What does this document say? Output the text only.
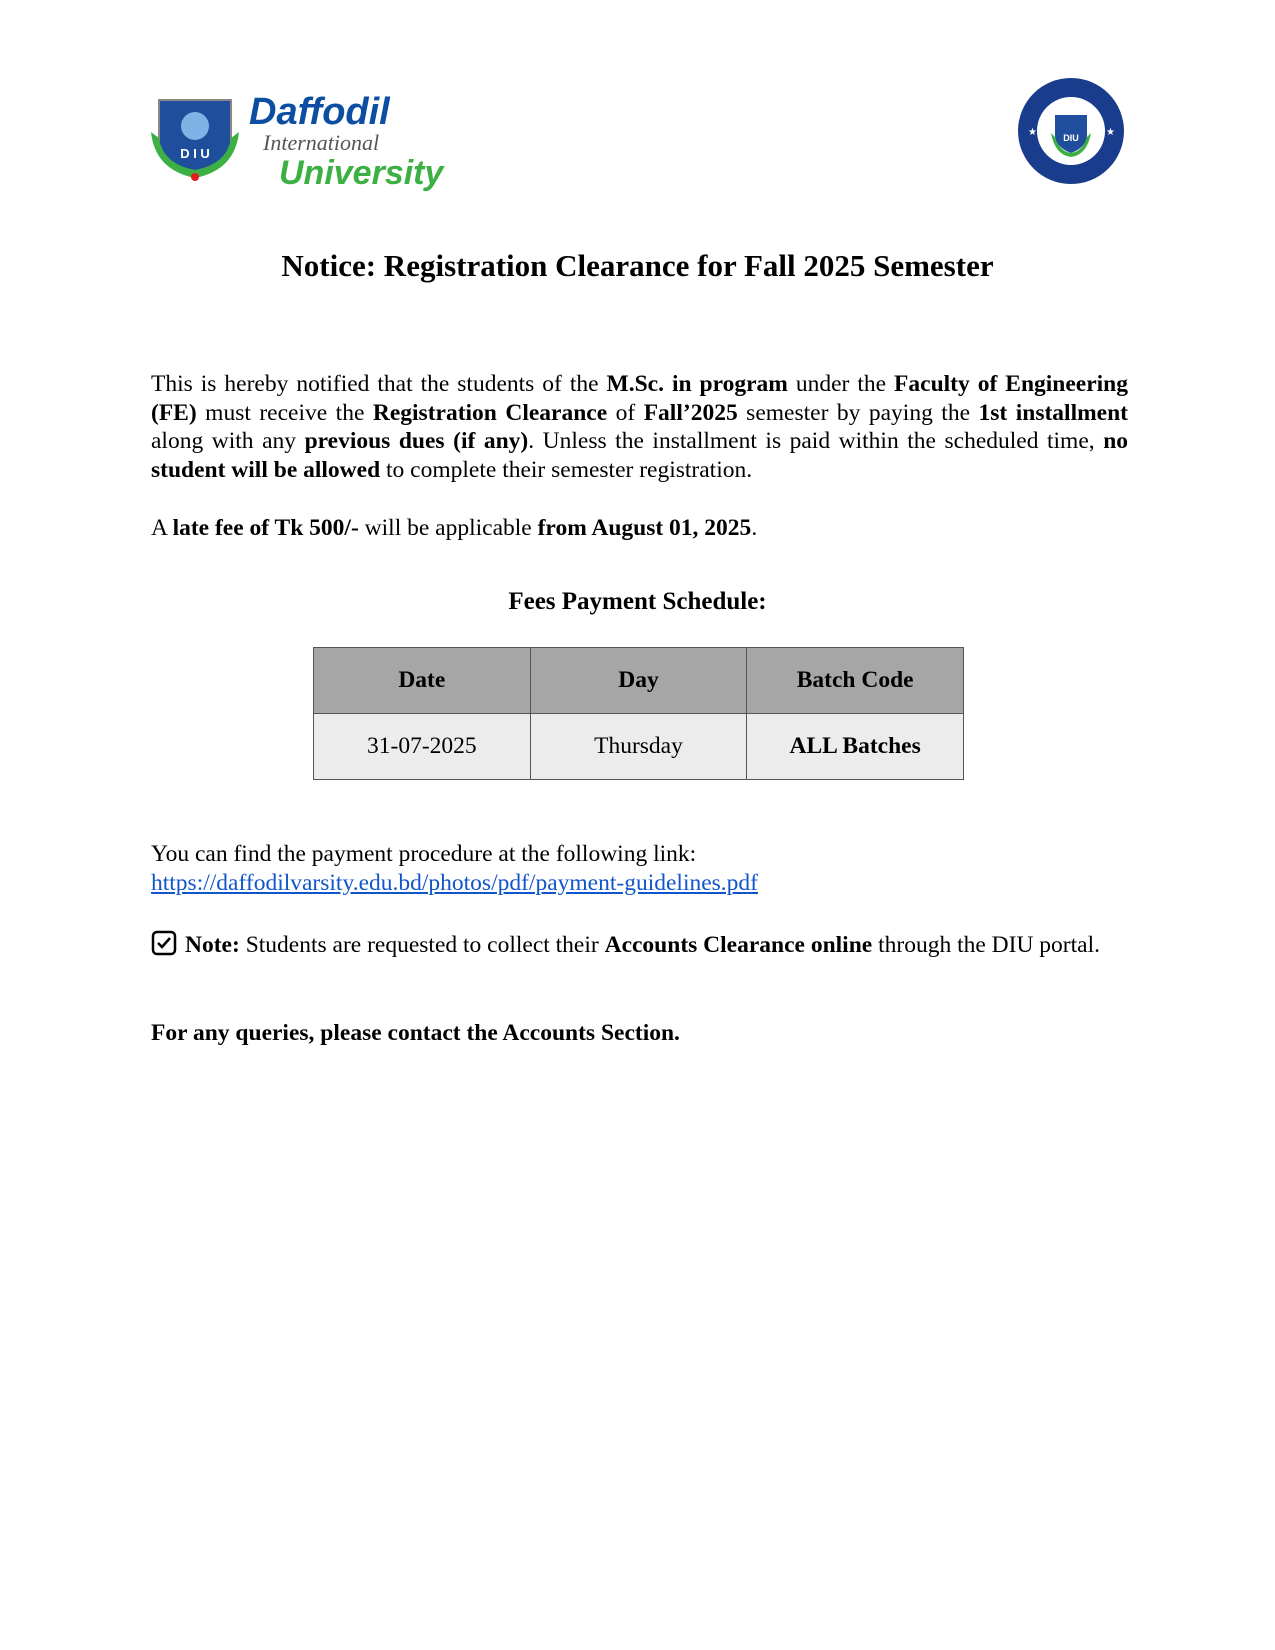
D I U
Daffodil
International
University
DIU
★	★
Notice: Registration Clearance for Fall 2025 Semester
This is hereby notified that the students of the M.Sc. in program under the Faculty of Engineering (FE) must receive the Registration Clearance of Fall’2025 semester by paying the 1st installment along with any previous dues (if any). Unless the installment is paid within the scheduled time, no student will be allowed to complete their semester registration.
A late fee of Tk 500/- will be applicable from August 01, 2025.
Fees Payment Schedule:
Date	Day	Batch Code
31-07-2025	Thursday	ALL Batches
You can find the payment procedure at the following link:
https://daffodilvarsity.edu.bd/photos/pdf/payment-guidelines.pdf
Note: Students are requested to collect their Accounts Clearance online through the DIU portal.
For any queries, please contact the Accounts Section.
